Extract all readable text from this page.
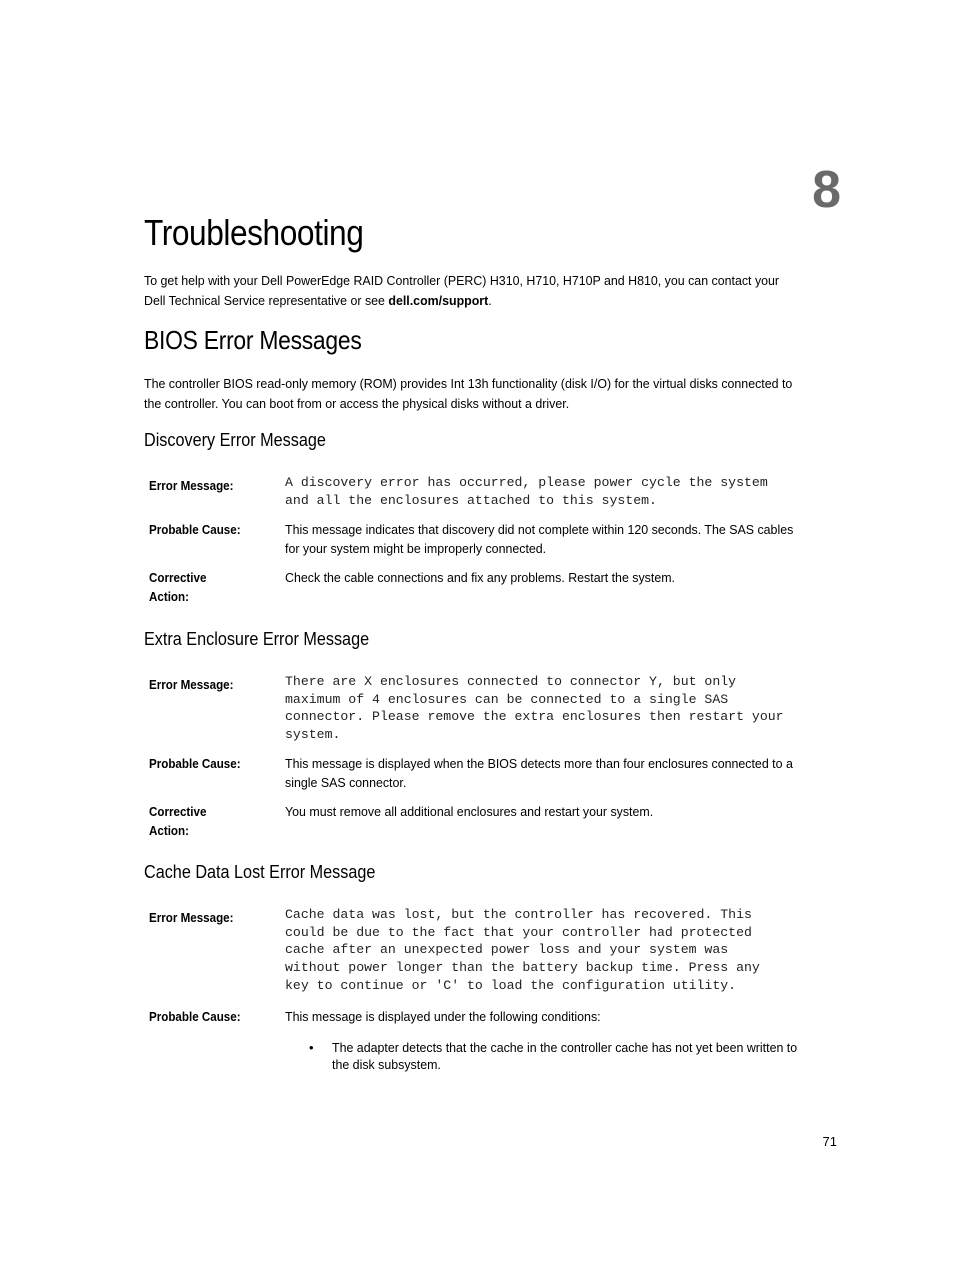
8
Troubleshooting

To get help with your Dell PowerEdge RAID Controller (PERC) H310, H710, H710P and H810, you can contact your Dell Technical Service representative or see dell.com/support.

BIOS Error Messages

The controller BIOS read-only memory (ROM) provides Int 13h functionality (disk I/O) for the virtual disks connected to the controller. You can boot from or access the physical disks without a driver.

Discovery Error Message
Error Message:	A discovery error has occurred, please power cycle the system
and all the enclosures attached to this system.
Probable Cause:	This message indicates that discovery did not complete within 120 seconds. The SAS cables for your system might be improperly connected.
Corrective Action:
Check the cable connections and fix any problems. Restart the system.
Extra Enclosure Error Message
Error Message:	There are X enclosures connected to connector Y, but only
maximum of 4 enclosures can be connected to a single SAS
connector. Please remove the extra enclosures then restart your
system.
Probable Cause:	This message is displayed when the BIOS detects more than four enclosures connected to a single SAS connector.
Corrective Action:
You must remove all additional enclosures and restart your system.
Cache Data Lost Error Message
Error Message:	Cache data was lost, but the controller has recovered. This
could be due to the fact that your controller had protected
cache after an unexpected power loss and your system was
without power longer than the battery backup time. Press any
key to continue or 'C' to load the configuration utility.
Probable Cause:	This message is displayed under the following conditions:
• The adapter detects that the cache in the controller cache has not yet been written to the disk subsystem.
71
